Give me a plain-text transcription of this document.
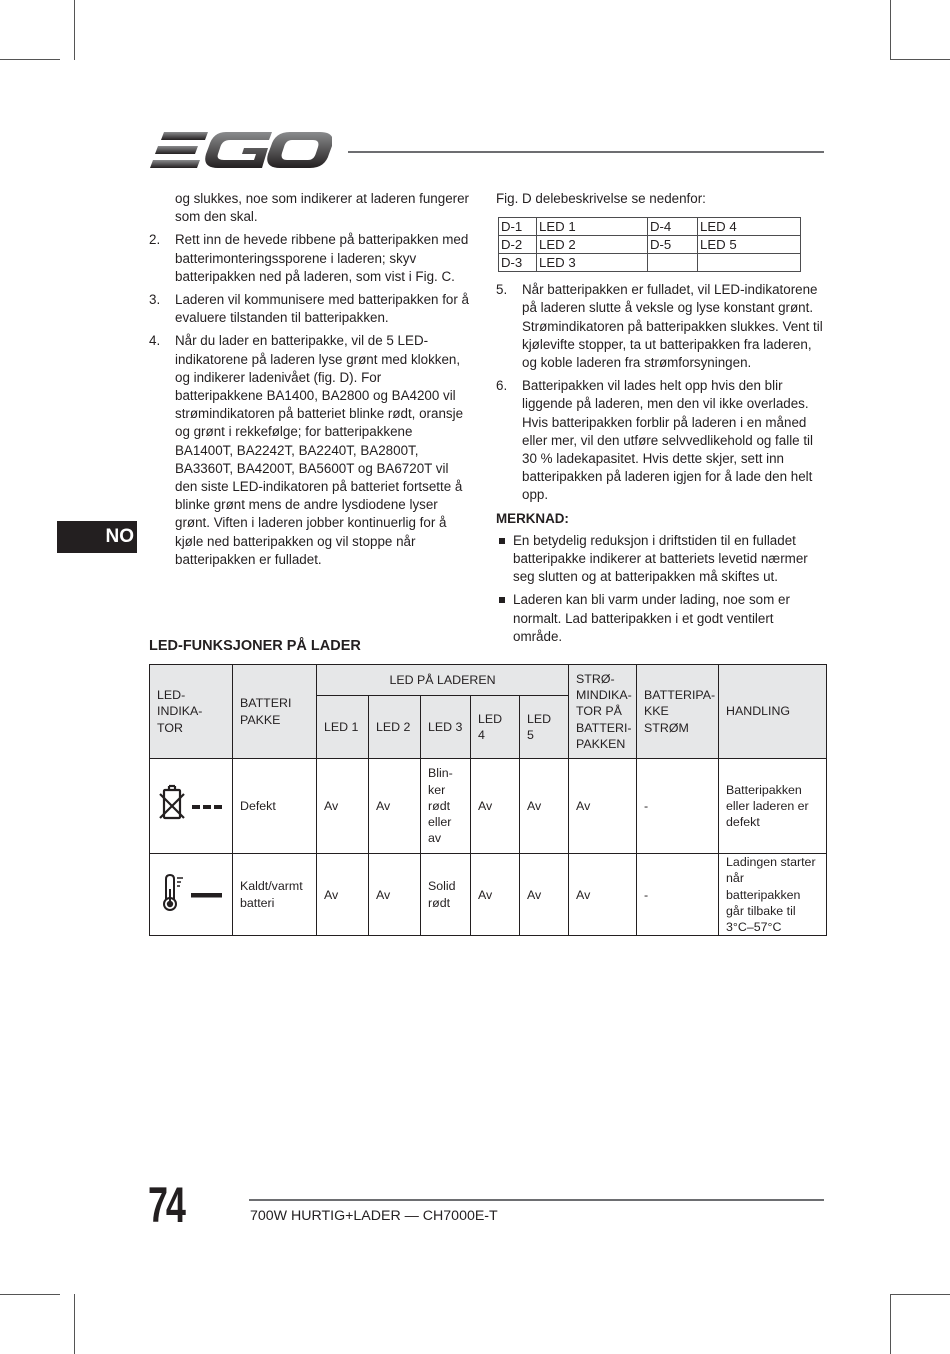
og slukkes, noe som indikerer at laderen fungerer som den skal.

2. Rett inn de hevede ribbene på batteripakken med batterimonteringssporene i laderen; skyv batteripakken ned på laderen, som vist i Fig. C.

3. Laderen vil kommunisere med batteripakken for å evaluere tilstanden til batteripakken.

4. Når du lader en batteripakke, vil de 5 LED-indikatorene på laderen lyse grønt med klokken, og indikerer ladenivået (fig. D). For batteripakkene BA1400, BA2800 og BA4200 vil strømindikatoren på batteriet blinke rødt, oransje og grønt i rekkefølge; for batteripakkene BA1400T, BA2242T, BA2240T, BA2800T, BA3360T, BA4200T, BA5600T og BA6720T vil den siste LED-indikatoren på batteriet fortsette å blinke grønt mens de andre lysdiodene lyser grønt. Viften i laderen jobber kontinuerlig for å kjøle ned batteripakken og vil stoppe når batteripakken er fulladet.

Fig. D delebeskrivelse se nedenfor:

D-1	LED 1	D-4	LED 4
D-2	LED 2	D-5	LED 5
D-3	LED 3		
5. Når batteripakken er fulladet, vil LED-indikatorene på laderen slutte å veksle og lyse konstant grønt. Strømindikatoren på batteripakken slukkes. Vent til kjølevifte stopper, ta ut batteripakken fra laderen, og koble laderen fra strømforsyningen.

6. Batteripakken vil lades helt opp hvis den blir liggende på laderen, men den vil ikke overlades. Hvis batteripakken forblir på laderen i en måned eller mer, vil den utføre selvvedlikehold og falle til 30 % ladekapasitet. Hvis dette skjer, sett inn batteripakken på laderen igjen for å lade den helt opp.

MERKNAD:

En betydelig reduksjon i driftstiden til en fulladet batteripakke indikerer at batteriets levetid nærmer seg slutten og at batteripakken må skiftes ut.

Laderen kan bli varm under lading, noe som er normalt. Lad batteripakken i et godt ventilert område.

NO
LED-FUNKSJONER PÅ LADER
LED-INDIKA-TOR	BATTERI PAKKE	LED PÅ LADEREN					STRØ-MINDIKA-TOR PÅ BATTERI-PAKKEN	BATTERIPA-KKE STRØM	HANDLING
		LED 1	LED 2	LED 3	LED 4	LED 5			
	Defekt	Av	Av	Blin-ker rødt eller av	Av	Av	Av	-	Batteripakken eller laderen er defekt
	Kaldt/varmt batteri	Av	Av	Solid rødt	Av	Av	Av	-	Ladingen starter når batteripakken går tilbake til 3°C–57°C
74	700W HURTIG+LADER — CH7000E-T
